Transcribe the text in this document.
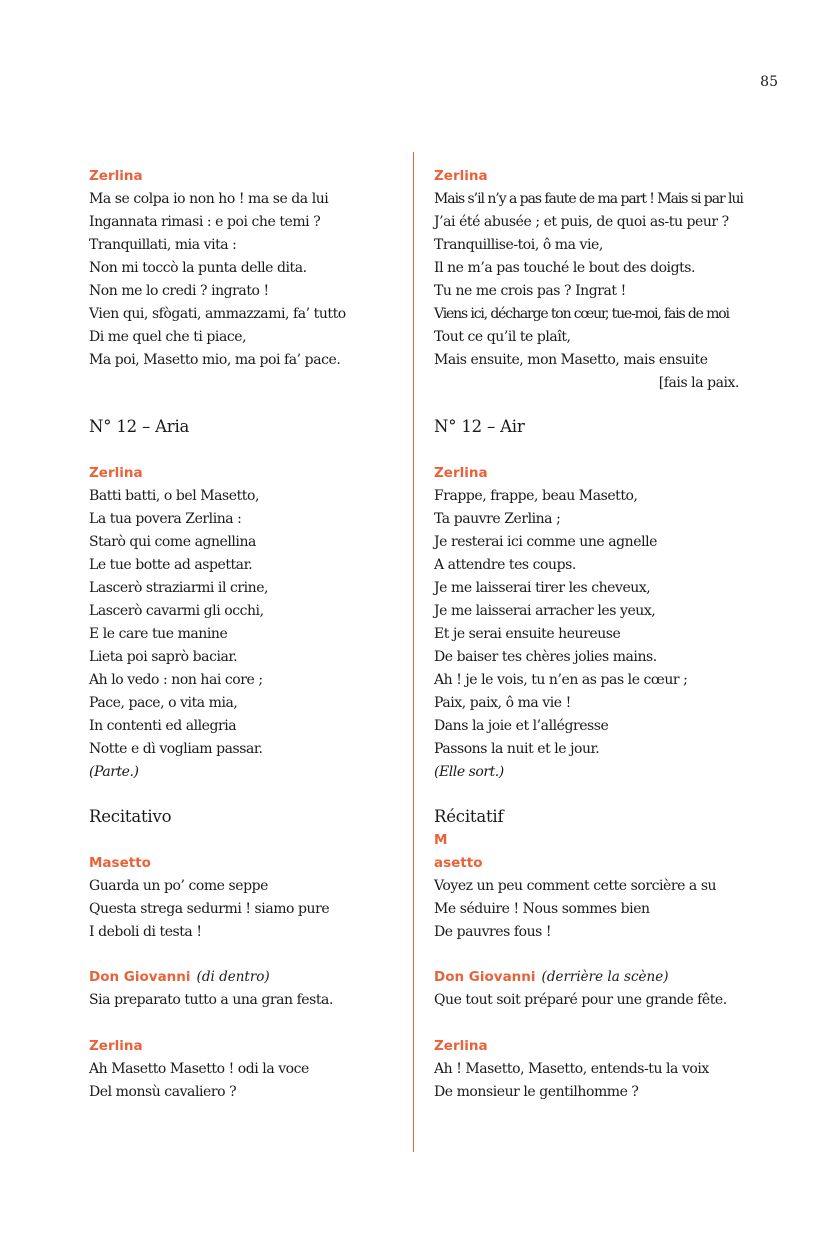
85
Zerlina
Ma se colpa io non ho ! ma se da lui
Ingannata rimasi : e poi che temi ?
Tranquillati, mia vita :
Non mi toccò la punta delle dita.
Non me lo credi ? ingrato !
Vien qui, sfògati, ammazzami, fa’ tutto
Di me quel che ti piace,
Ma poi, Masetto mio, ma poi fa’ pace.
N° 12 – Aria
Zerlina
Batti batti, o bel Masetto,
La tua povera Zerlina :
Starò qui come agnellina
Le tue botte ad aspettar.
Lascerò straziarmi il crine,
Lascerò cavarmi gli occhi,
E le care tue manine
Lieta poi saprò baciar.
Ah lo vedo : non hai core ;
Pace, pace, o vita mia,
In contenti ed allegria
Notte e dì vogliam passar.
(Parte.)
Recitativo
Masetto
Guarda un po’ come seppe
Questa strega sedurmi ! siamo pure
I deboli di testa !
Don Giovanni (di dentro)
Sia preparato tutto a una gran festa.
Zerlina
Ah Masetto Masetto ! odi la voce
Del monsù cavaliero ?
Zerlina
Mais s’il n’y a pas faute de ma part ! Mais si par lui
J’ai été abusée ; et puis, de quoi as-tu peur ?
Tranquillise-toi, ô ma vie,
Il ne m’a pas touché le bout des doigts.
Tu ne me crois pas ? Ingrat !
Viens ici, décharge ton cœur, tue-moi, fais de moi
Tout ce qu’il te plaît,
Mais ensuite, mon Masetto, mais ensuite
[fais la paix.
N° 12 – Air
Zerlina
Frappe, frappe, beau Masetto,
Ta pauvre Zerlina ;
Je resterai ici comme une agnelle
A attendre tes coups.
Je me laisserai tirer les cheveux,
Je me laisserai arracher les yeux,
Et je serai ensuite heureuse
De baiser tes chères jolies mains.
Ah ! je le vois, tu n’en as pas le cœur ;
Paix, paix, ô ma vie !
Dans la joie et l’allégresse
Passons la nuit et le jour.
(Elle sort.)
Récitatif
M
asetto
Voyez un peu comment cette sorcière a su
Me séduire ! Nous sommes bien
De pauvres fous !
Don Giovanni (derrière la scène)
Que tout soit préparé pour une grande fête.
Zerlina
Ah ! Masetto, Masetto, entends-tu la voix
De monsieur le gentilhomme ?
